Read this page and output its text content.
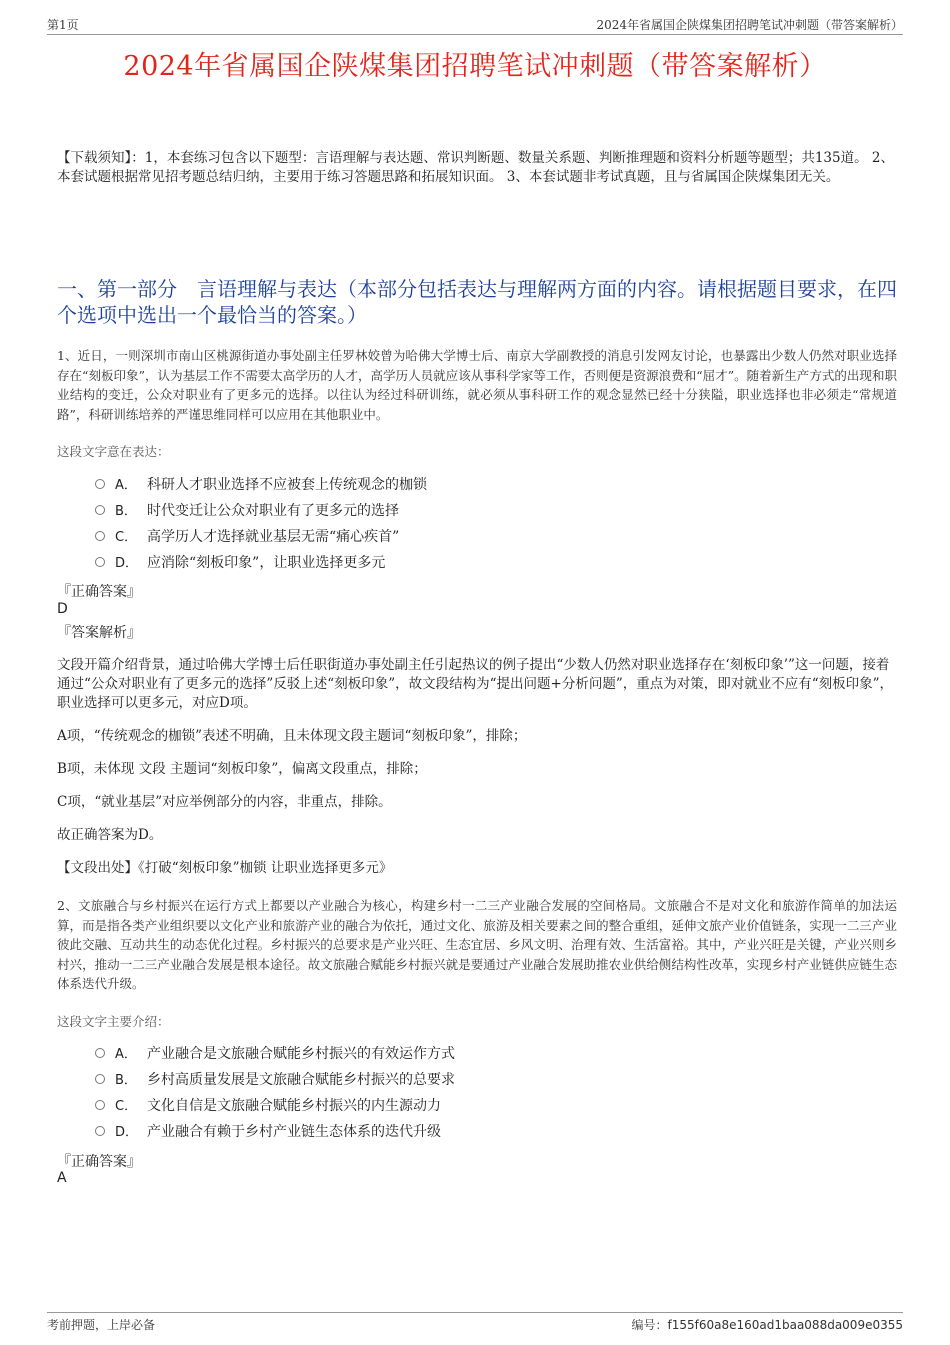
第1页	2024年省属国企陕煤集团招聘笔试冲刺题（带答案解析）
2024年省属国企陕煤集团招聘笔试冲刺题（带答案解析）
【下载须知】：1，本套练习包含以下题型：言语理解与表达题、常识判断题、数量关系题、判断推理题和资料分析题等题型；共135道。 2、本套试题根据常见招考题总结归纳，主要用于练习答题思路和拓展知识面。 3、本套试题非考试真题，且与省属国企陕煤集团无关。
一、第一部分　言语理解与表达（本部分包括表达与理解两方面的内容。请根据题目要求，在四个选项中选出一个最恰当的答案。）
1、近日，一则深圳市南山区桃源街道办事处副主任罗林姣曾为哈佛大学博士后、南京大学副教授的消息引发网友讨论，也暴露出少数人仍然对职业选择存在“刻板印象”，认为基层工作不需要太高学历的人才，高学历人员就应该从事科学家等工作，否则便是资源浪费和“屈才”。随着新生产方式的出现和职业结构的变迁，公众对职业有了更多元的选择。以往认为经过科研训练，就必须从事科研工作的观念显然已经十分狭隘，职业选择也非必须走“常规道路”，科研训练培养的严谨思维同样可以应用在其他职业中。
这段文字意在表达：
A． 科研人才职业选择不应被套上传统观念的枷锁
B． 时代变迁让公众对职业有了更多元的选择
C． 高学历人才选择就业基层无需“痛心疾首”
D． 应消除“刻板印象”，让职业选择更多元
『正确答案』
D
『答案解析』
文段开篇介绍背景，通过哈佛大学博士后任职街道办事处副主任引起热议的例子提出“少数人仍然对职业选择存在‘刻板印象’”这一问题，接着通过“公众对职业有了更多元的选择”反驳上述“刻板印象”，故文段结构为“提出问题+分析问题”，重点为对策，即对就业不应有“刻板印象”，职业选择可以更多元，对应D项。
A项，“传统观念的枷锁”表述不明确，且未体现文段主题词“刻板印象”，排除；
B项，未体现 文段 主题词“刻板印象”，偏离文段重点，排除；
C项，“就业基层”对应举例部分的内容，非重点，排除。
故正确答案为D。
【文段出处】《打破“刻板印象”枷锁 让职业选择更多元》
2、文旅融合与乡村振兴在运行方式上都要以产业融合为核心，构建乡村一二三产业融合发展的空间格局。文旅融合不是对文化和旅游作简单的加法运算，而是指各类产业组织要以文化产业和旅游产业的融合为依托，通过文化、旅游及相关要素之间的整合重组，延伸文旅产业价值链条，实现一二三产业彼此交融、互动共生的动态优化过程。乡村振兴的总要求是产业兴旺、生态宜居、乡风文明、治理有效、生活富裕。其中，产业兴旺是关键，产业兴则乡村兴，推动一二三产业融合发展是根本途径。故文旅融合赋能乡村振兴就是要通过产业融合发展助推农业供给侧结构性改革，实现乡村产业链供应链生态体系迭代升级。
这段文字主要介绍：
A． 产业融合是文旅融合赋能乡村振兴的有效运作方式
B． 乡村高质量发展是文旅融合赋能乡村振兴的总要求
C． 文化自信是文旅融合赋能乡村振兴的内生源动力
D． 产业融合有赖于乡村产业链生态体系的迭代升级
『正确答案』
A
考前押题，上岸必备	编号：f155f60a8e160ad1baa088da009e0355
